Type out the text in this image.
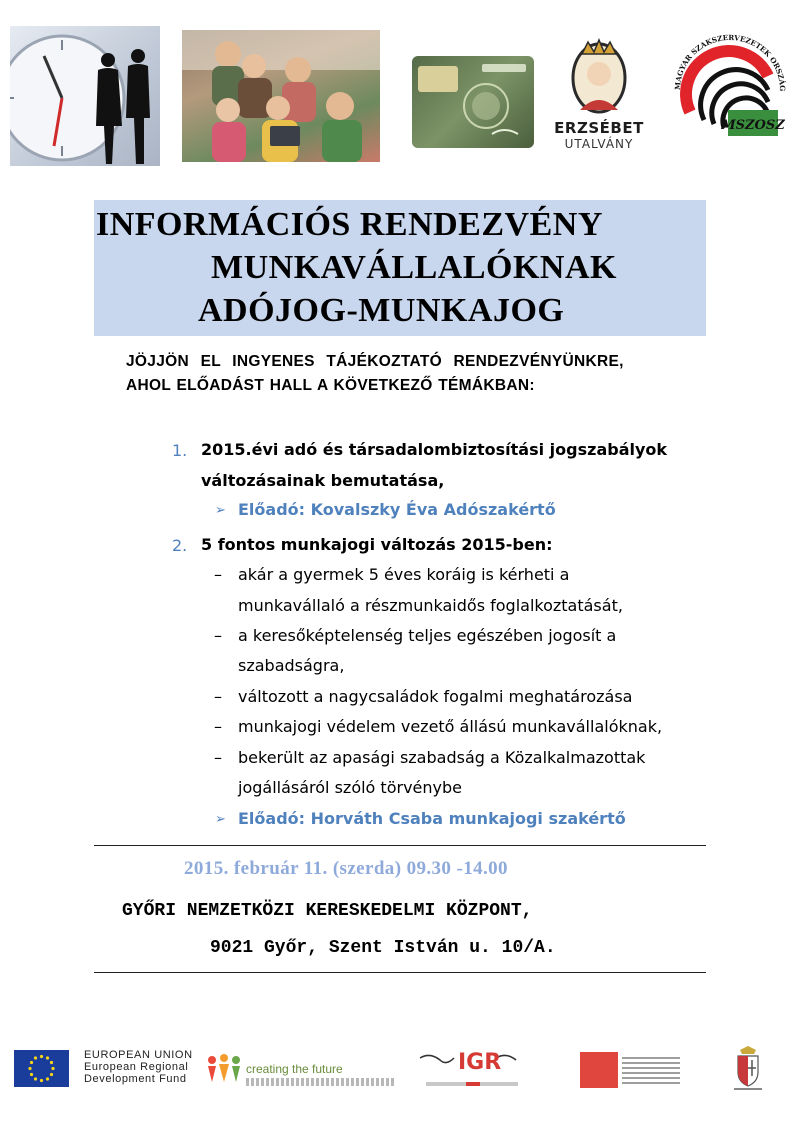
ERZSÉBET
UTALVÁNY
MAGYAR SZAKSZERVEZETEK ORSZÁG
MSZOSZ
INFORMÁCIÓS RENDEZVÉNY
MUNKAVÁLLALÓKNAK
ADÓJOG-MUNKAJOG
JÖJJÖN EL INGYENES TÁJÉKOZTATÓ RENDEZVÉNYÜNKRE,
AHOL ELŐADÁST HALL A KÖVETKEZŐ TÉMÁKBAN:
1. 2015.évi adó és társadalombiztosítási jogszabályok
változásainak bemutatása,
➢ Előadó: Kovalszky Éva Adószakértő
2. 5 fontos munkajogi változás 2015-ben:
– akár a gyermek 5 éves koráig is kérheti a
munkavállaló a részmunkaidős foglalkoztatását,
– a keresőképtelenség teljes egészében jogosít a
szabadságra,
– változott a nagycsaládok fogalmi meghatározása
– munkajogi védelem vezető állású munkavállalóknak,
– bekerült az apasági szabadság a Közalkalmazottak
jogállásáról szóló törvénybe
➢ Előadó: Horváth Csaba munkajogi szakértő
2015. február 11. (szerda) 09.30 -14.00
GYŐRI NEMZETKÖZI KERESKEDELMI KÖZPONT,
9021 Győr, Szent István u. 10/A.
EUROPEAN UNION
European Regional
Development Fund
creating the future	IGR
